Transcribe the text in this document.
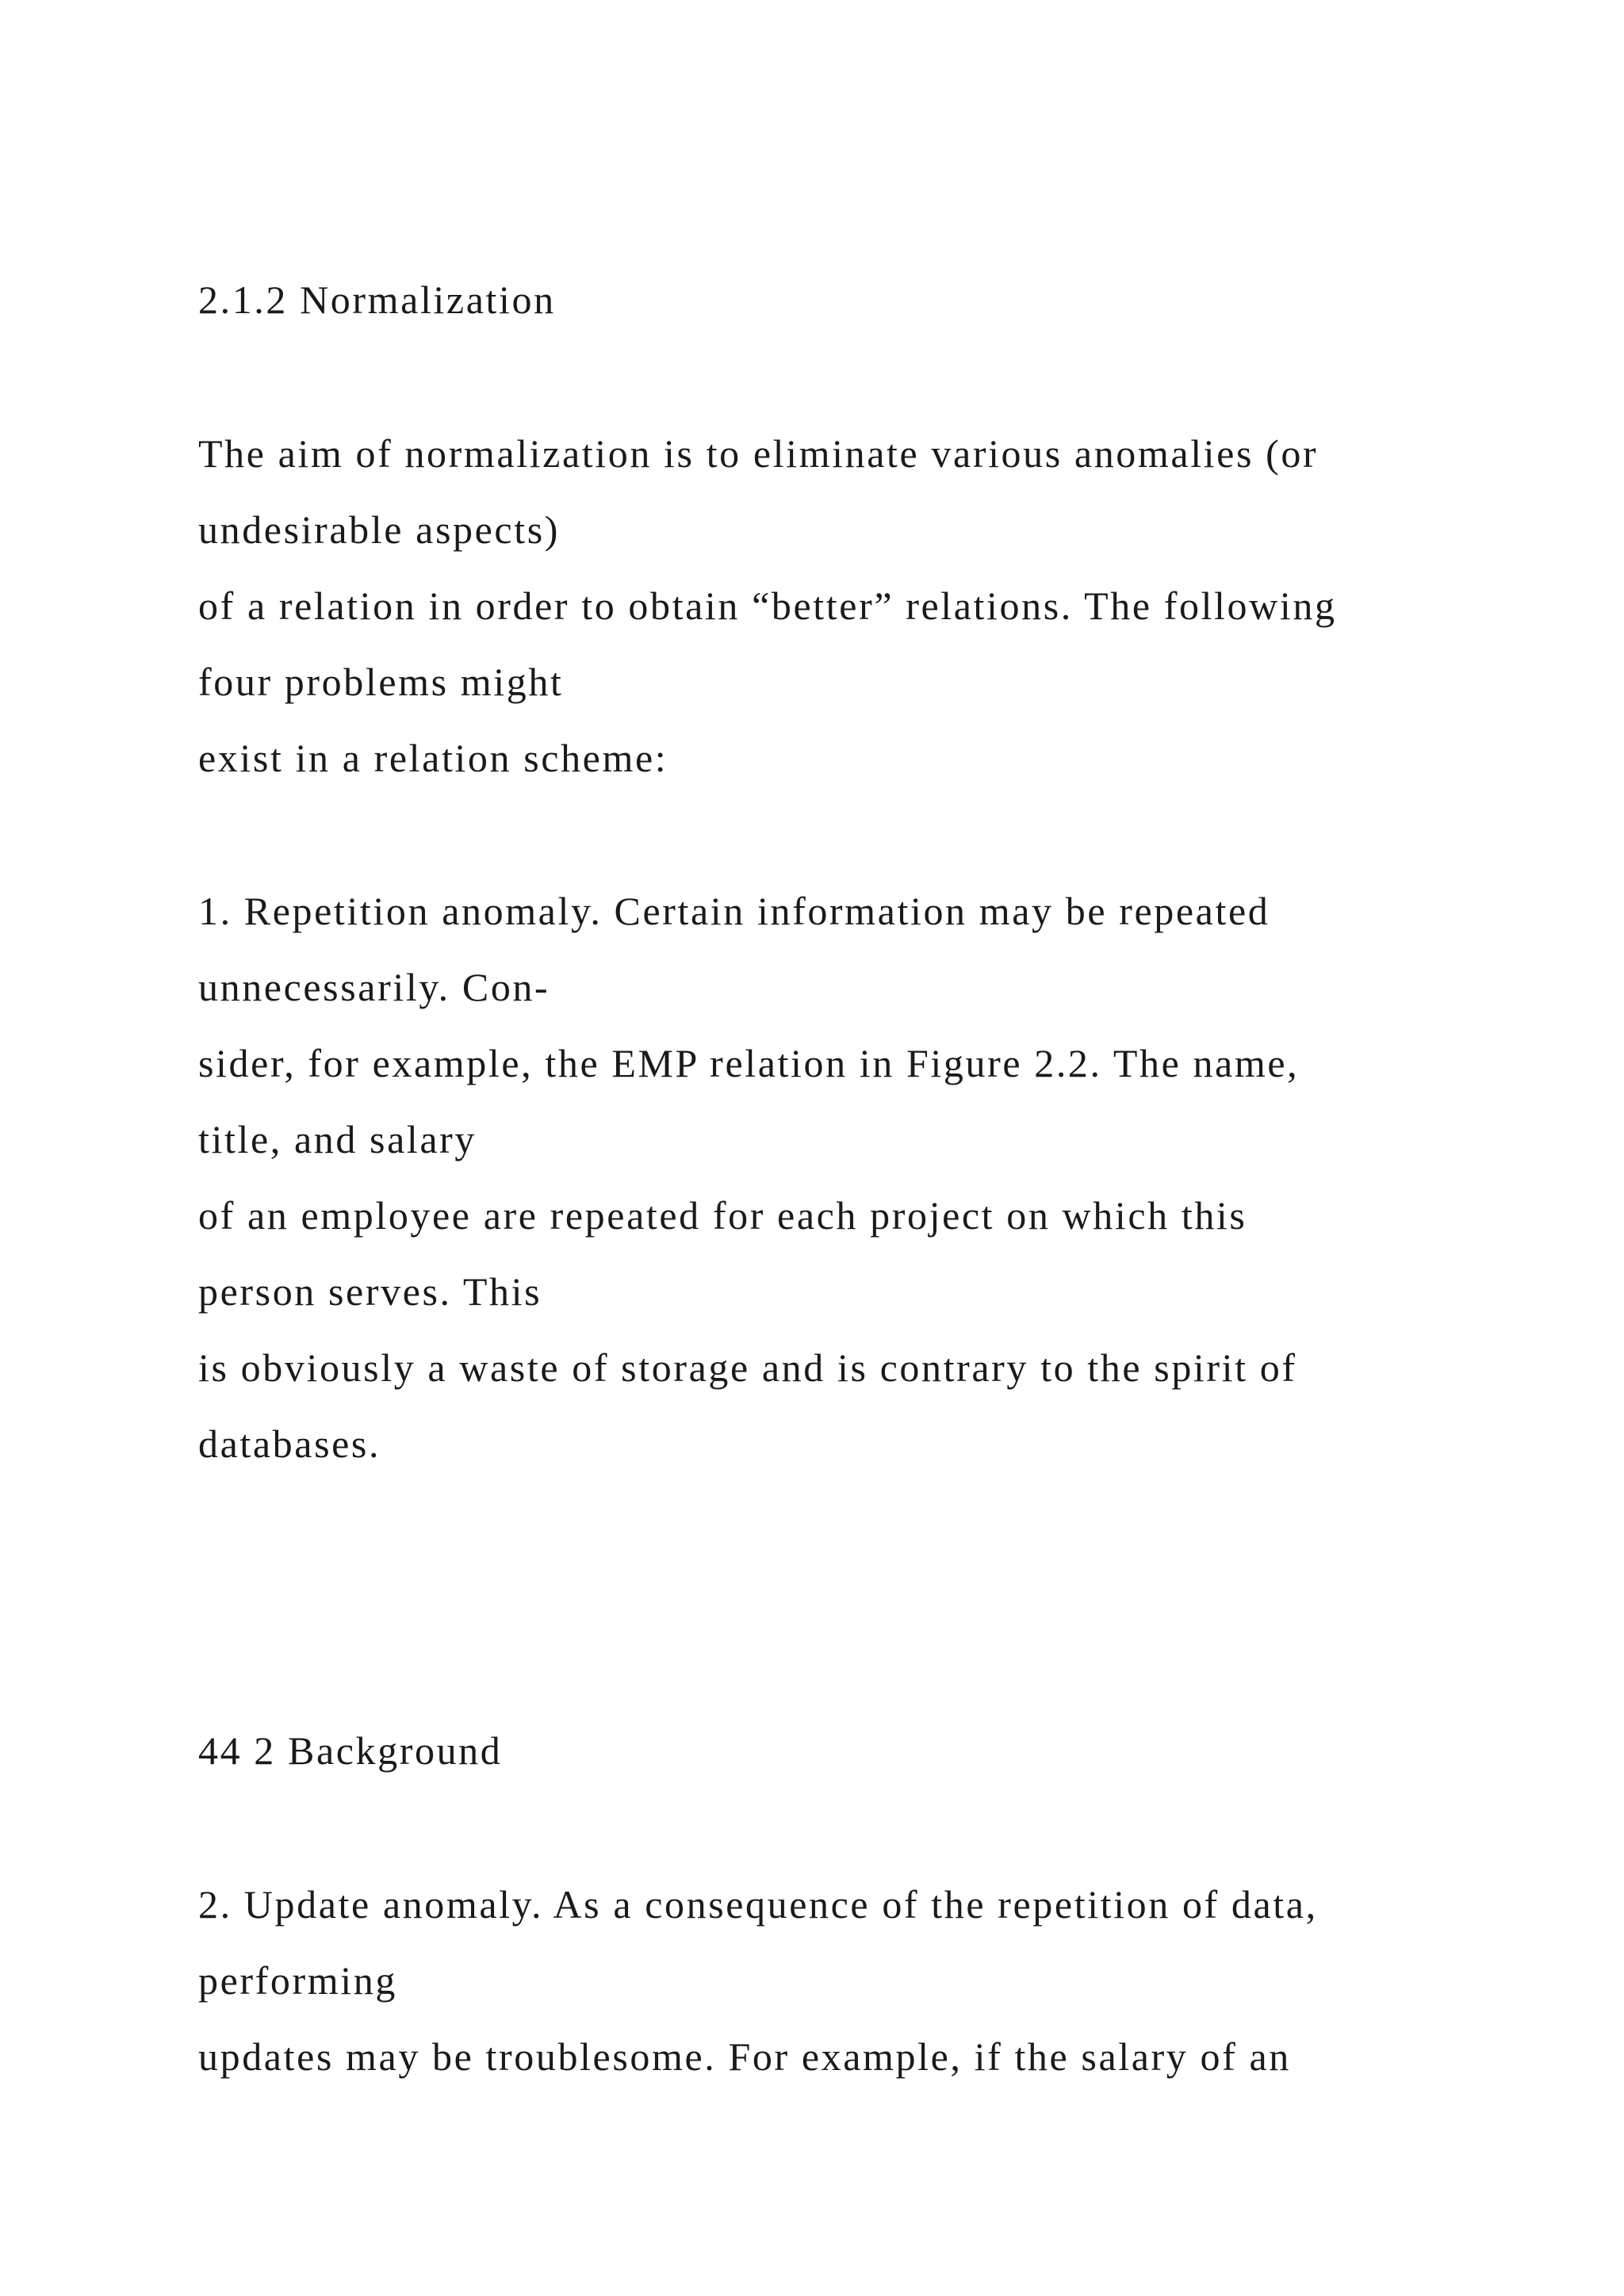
2.1.2 Normalization

The aim of normalization is to eliminate various anomalies (or

undesirable aspects)

of a relation in order to obtain “better” relations. The following

four problems might

exist in a relation scheme:

1. Repetition anomaly. Certain information may be repeated

unnecessarily. Con-

sider, for example, the EMP relation in Figure 2.2. The name,

title, and salary

of an employee are repeated for each project on which this

person serves. This

is obviously a waste of storage and is contrary to the spirit of

databases.

44 2 Background

2. Update anomaly. As a consequence of the repetition of data,

performing

updates may be troublesome. For example, if the salary of an
